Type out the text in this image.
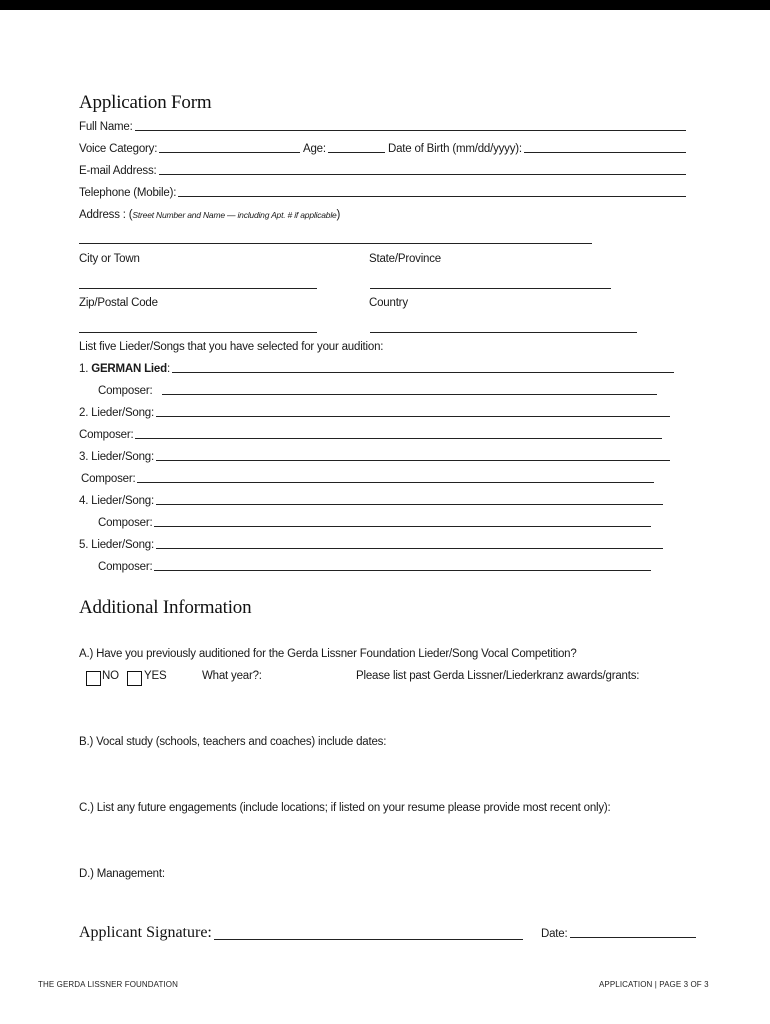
Application Form
Full Name:
Voice Category:	Age:	Date of Birth (mm/dd/yyyy):
E-mail Address:
Telephone (Mobile):
Address : (Street Number and Name — including Apt. # if applicable)
City or Town	State/Province
Zip/Postal Code	Country
List five Lieder/Songs that you have selected for your audition:
1.
GERMAN Lied :
Composer:
2. Lieder/Song:
Composer:
3. Lieder/Song:
Composer:
4. Lieder/Song:
Composer:
5. Lieder/Song:
Composer:
Additional Information
A.) Have you previously auditioned for the Gerda Lissner Foundation Lieder/Song Vocal Competition?
NO YES	What year?:	Please list past Gerda Lissner/Liederkranz awards/grants:
B.) Vocal study (schools, teachers and coaches) include dates:
C.) List any future engagements (include locations; if listed on your resume please provide most recent only):
D.) Management:
Applicant Signature:	Date:
THE GERDA LISSNER FOUNDATION	APPLICATION | PAGE 3 OF 3
